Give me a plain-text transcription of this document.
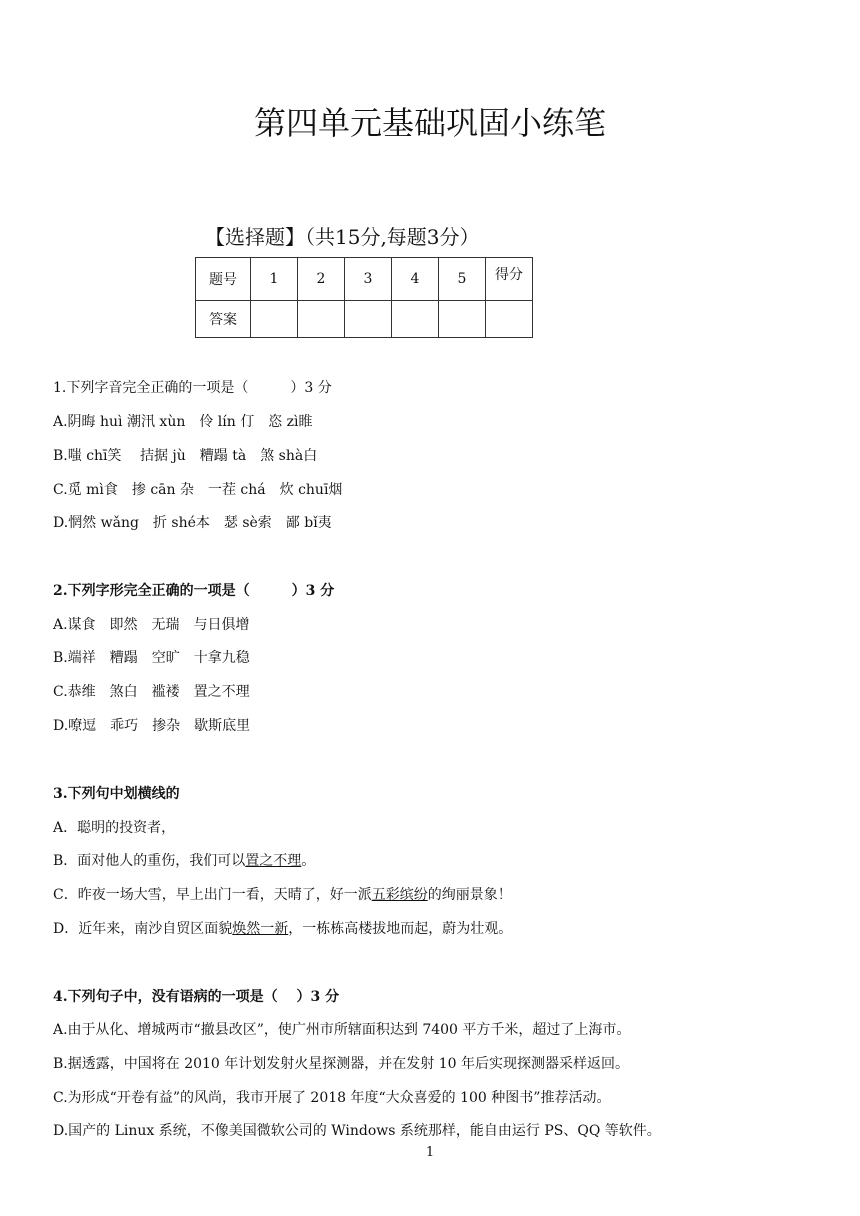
第四单元基础巩固小练笔
【选择题】（共15分,每题3分）
题号	1	2	3	4	5	得分
答案						
1.下列字音完全正确的一项是（　　　）3 分
A.阴晦 huì 潮汛 xùn　伶 lín 仃　恣 zì睢
B.嗤 chī笑　 拮据 jù　糟蹋 tà　煞 shà白
C.觅 mì食　掺 cān 杂　一茬 chá　炊 chuī烟
D.惘然 wǎng　折 shé本　瑟 sè索　鄙 bǐ夷
2.下列字形完全正确的一项是（　　　）3 分
A.谋食　即然　无瑞　与日俱增
B.端祥　糟蹋　空旷　十拿九稳
C.恭维　煞白　褴褛　置之不理
D.嘹逗　乖巧　掺杂　歇斯底里
3.下列句中划横线的
A．聪明的投资者，
B．面对他人的重伤，我们可以置之不理。
C．昨夜一场大雪，早上出门一看，天晴了，好一派五彩缤纷的绚丽景象！
D．近年来，南沙自贸区面貌焕然一新，一栋栋高楼拔地而起，蔚为壮观。
4.下列句子中，没有语病的一项是（　 ）3 分
A.由于从化、增城两市“撤县改区”，使广州市所辖面积达到 7400 平方千米，超过了上海市。
B.据透露，中国将在 2010 年计划发射火星探测器，并在发射 10 年后实现探测器采样返回。
C.为形成“开卷有益”的风尚，我市开展了 2018 年度“大众喜爱的 100 种图书”推荐活动。
D.国产的 Linux 系统，不像美国微软公司的 Windows 系统那样，能自由运行 PS、QQ 等软件。
1
